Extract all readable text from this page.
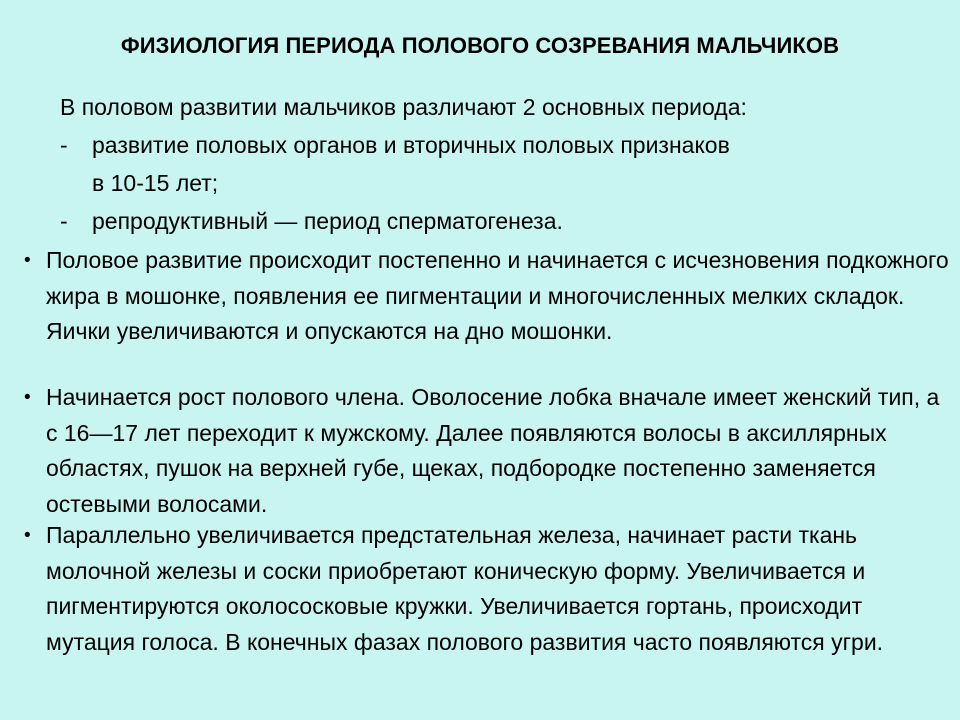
ФИЗИОЛОГИЯ ПЕРИОДА ПОЛОВОГО СОЗРЕВАНИЯ МАЛЬЧИКОВ
В половом развитии мальчиков различают 2 основных периода:
- развитие половых органов и вторичных половых признаков
в 10-15 лет;
- репродуктивный — период сперматогенеза.
• Половое развитие происходит постепенно и начинается с исчезновения подкожного жира в мошонке, появления ее пигментации и многочисленных мелких складок. Яички увеличиваются и опускаются на дно мошонки.
• Начинается рост полового члена. Оволосение лобка вначале имеет женский тип, а с 16—17 лет переходит к мужскому. Далее появляются волосы в аксиллярных областях, пушок на верхней губе, щеках, подбородке постепенно заменяется остевыми волосами.
• Параллельно увеличивается предстательная железа, начинает расти ткань молочной железы и соски приобретают коническую форму. Увеличивается и пигментируются околососковые кружки. Увеличивается гортань, происходит мутация голоса. В конечных фазах полового развития часто появляются угри.
